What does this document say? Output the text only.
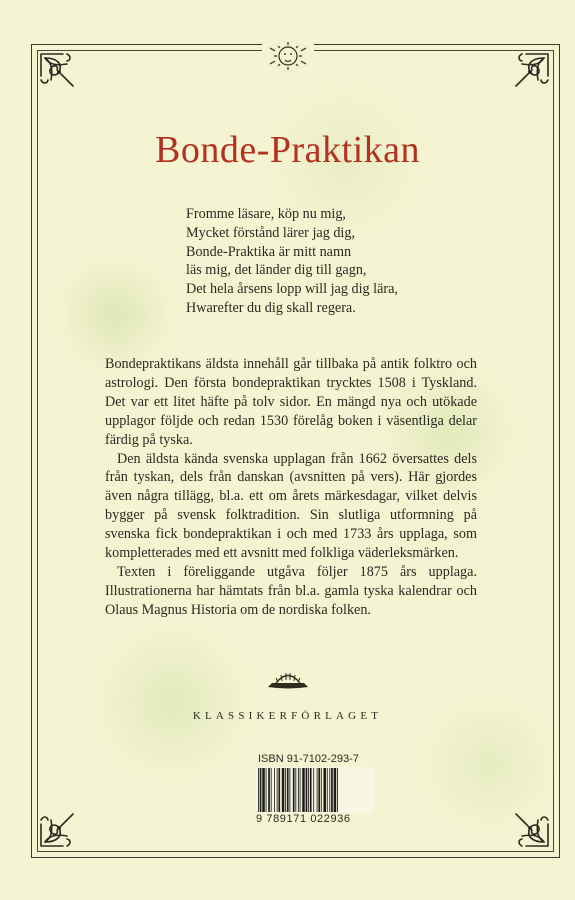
Bonde-Praktikan
Fromme läsare, köp nu mig,
Mycket förstånd lärer jag dig,
Bonde-Praktika är mitt namn
läs mig, det länder dig till gagn,
Det hela årsens lopp will jag dig lära,
Hwarefter du dig skall regera.

Bondepraktikans äldsta innehåll går tillbaka på antik folktro och astrologi. Den första bondepraktikan trycktes 1508 i Tyskland. Det var ett litet häfte på tolv sidor. En mängd nya och utökade upplagor följde och redan 1530 förelåg boken i väsentliga delar färdig på tyska.

Den äldsta kända svenska upplagan från 1662 översattes dels från tyskan, dels från danskan (avsnitten på vers). Här gjordes även några tillägg, bl.a. ett om årets märkesdagar, vilket delvis bygger på svensk folktradition. Sin slutliga utformning på svenska fick bondepraktikan i och med 1733 års upplaga, som kompletterades med ett avsnitt med folkliga väderleksmärken.

Texten i föreliggande utgåva följer 1875 års upplaga. Illustrationerna har hämtats från bl.a. gamla tyska kalendrar och Olaus Magnus Historia om de nordiska folken.

KLASSIKERFÖRLAGET
ISBN 91-7102-293-7
9 789171 022936
